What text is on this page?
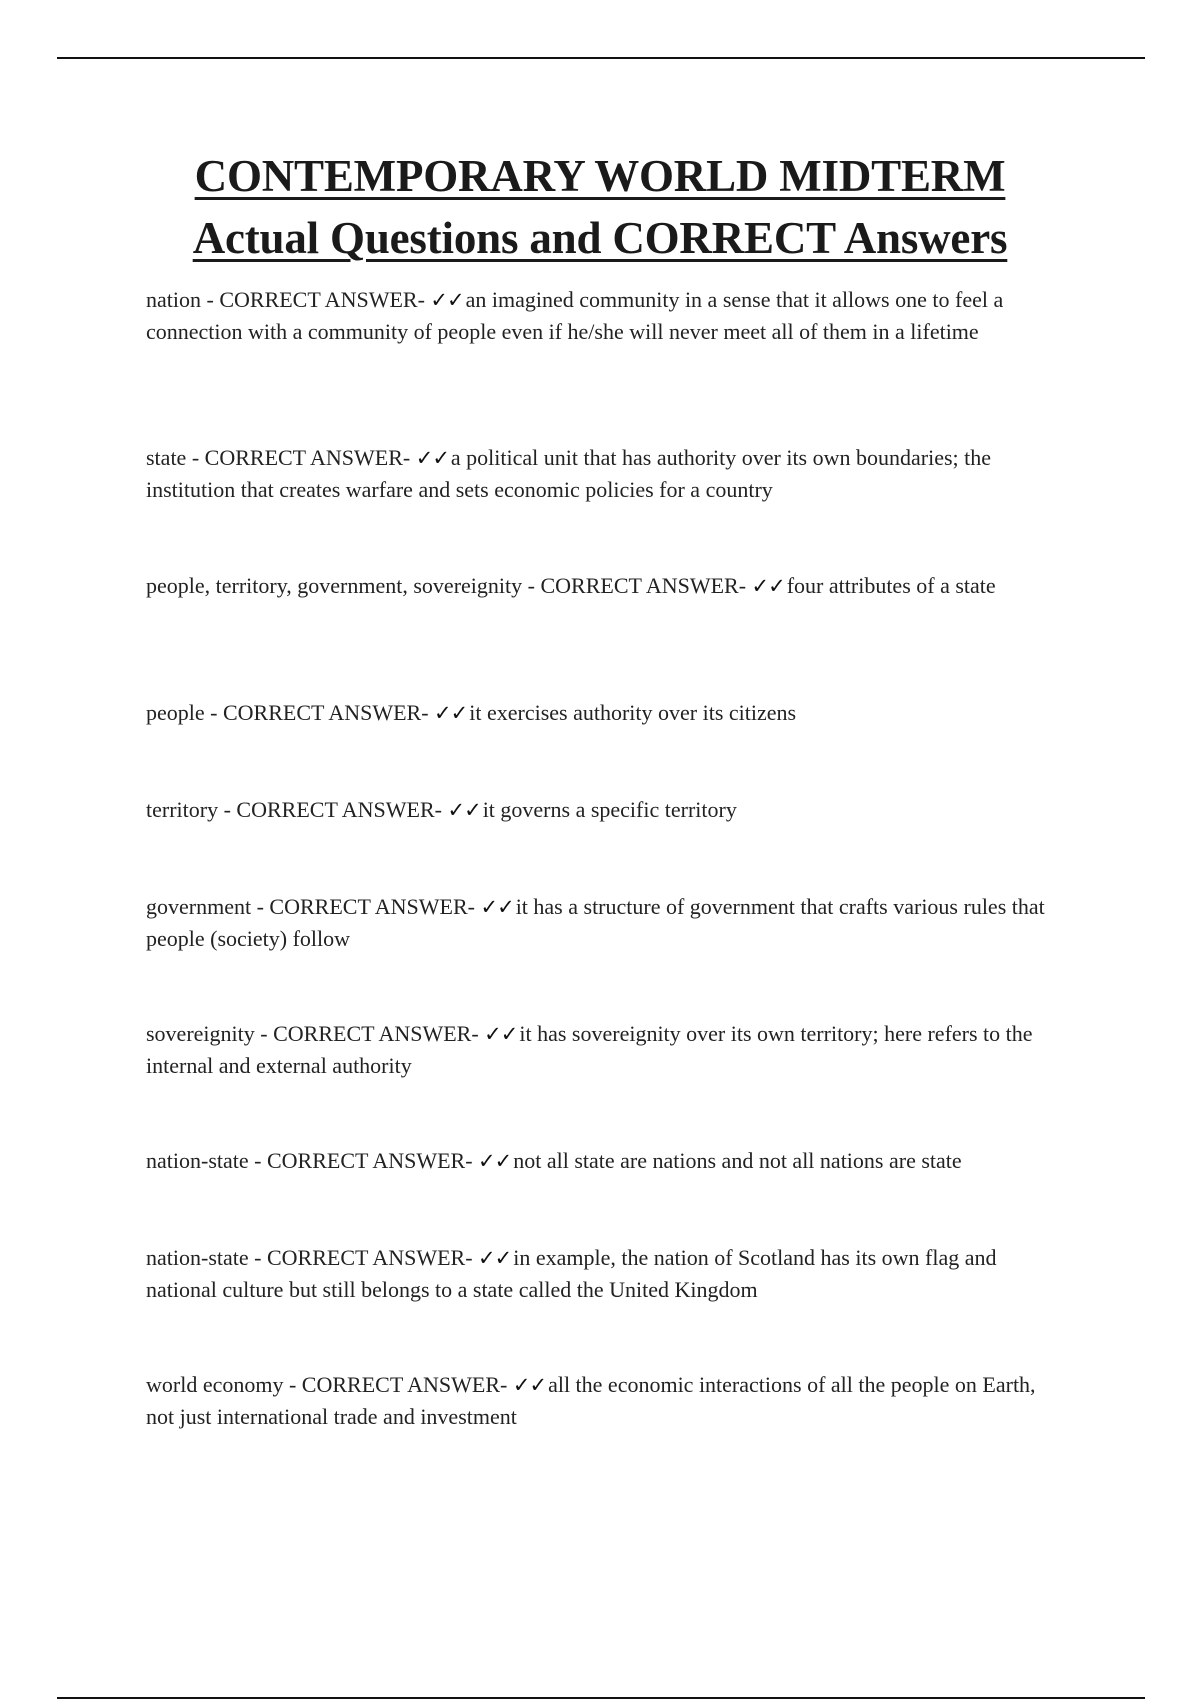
CONTEMPORARY WORLD MIDTERM
Actual Questions and CORRECT Answers

nation - CORRECT ANSWER- ✓✓an imagined community in a sense that it allows one to feel a connection with a community of people even if he/she will never meet all of them in a lifetime

state - CORRECT ANSWER- ✓✓a political unit that has authority over its own boundaries; the institution that creates warfare and sets economic policies for a country

people, territory, government, sovereignity - CORRECT ANSWER- ✓✓four attributes of a state

people - CORRECT ANSWER- ✓✓it exercises authority over its citizens

territory - CORRECT ANSWER- ✓✓it governs a specific territory

government - CORRECT ANSWER- ✓✓it has a structure of government that crafts various rules that people (society) follow

sovereignity - CORRECT ANSWER- ✓✓it has sovereignity over its own territory; here refers to the internal and external authority

nation-state - CORRECT ANSWER- ✓✓not all state are nations and not all nations are state

nation-state - CORRECT ANSWER- ✓✓in example, the nation of Scotland has its own flag and national culture but still belongs to a state called the United Kingdom

world economy - CORRECT ANSWER- ✓✓all the economic interactions of all the people on Earth, not just international trade and investment
